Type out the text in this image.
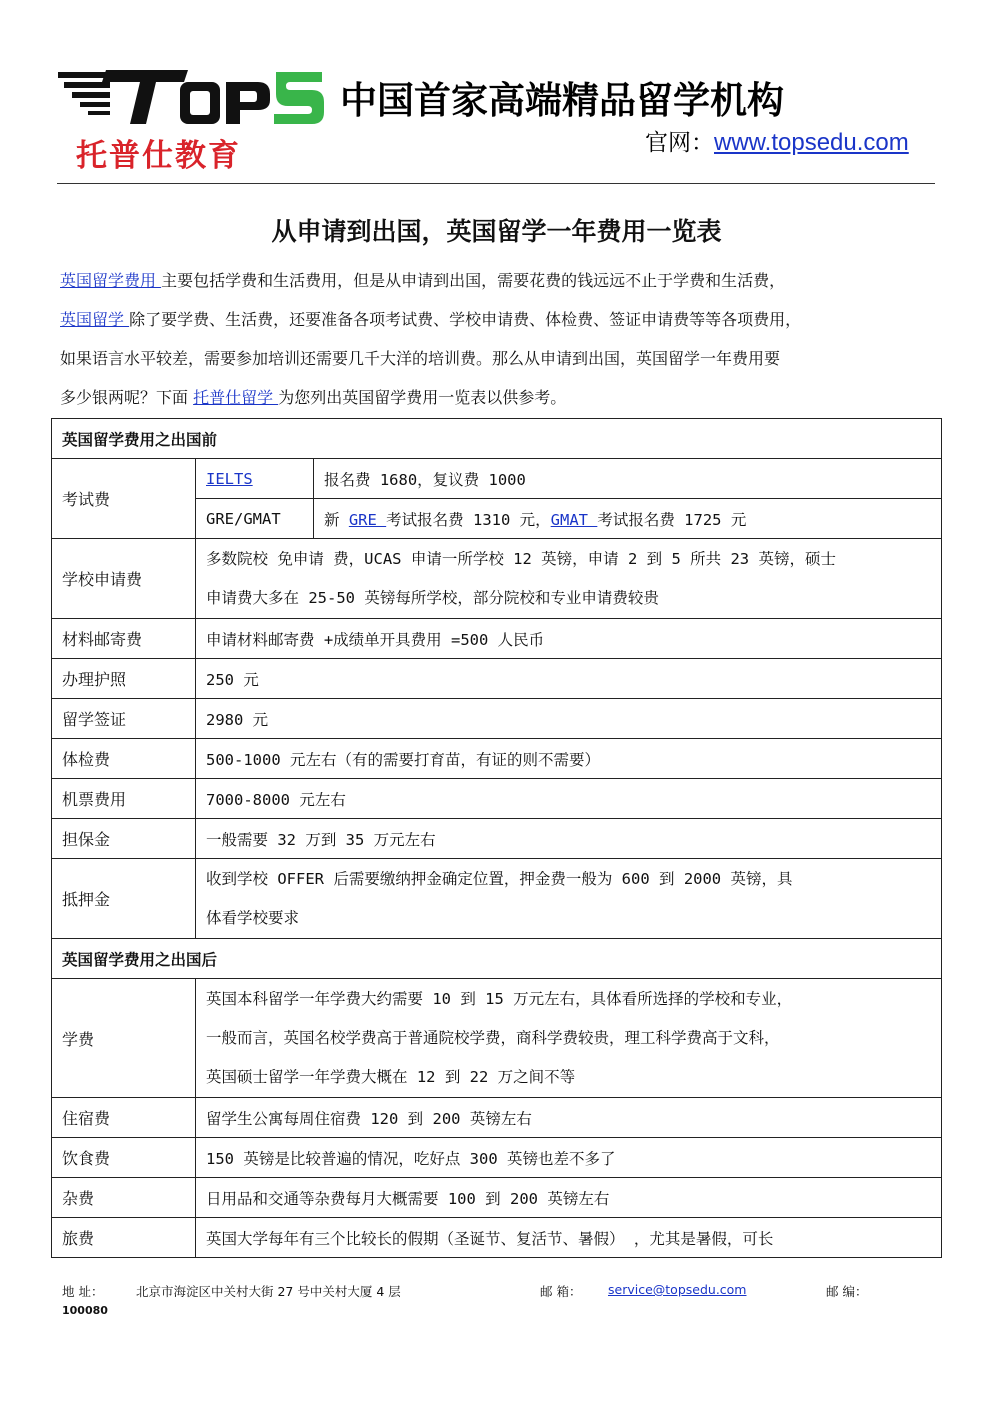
托普仕教育

中国首家高端精品留学机构
官网：www.topsedu.com
从申请到出国，英国留学一年费用一览表

英国留学费用 主要包括学费和生活费用，但是从申请到出国，需要花费的钱远远不止于学费和生活费，

英国留学 除了要学费、生活费，还要准备各项考试费、学校申请费、体检费、签证申请费等等各项费用，

如果语言水平较差，需要参加培训还需要几千大洋的培训费。那么从申请到出国，英国留学一年费用要

多少银两呢？下面 托普仕留学 为您列出英国留学费用一览表以供参考。

英国留学费用之出国前		
考试费	IELTS	报名费 1680，复议费 1000
	GRE/GMAT	新 GRE 考试报名费 1310 元，GMAT 考试报名费 1725 元
学校申请费	多数院校 免申请 费，UCAS 申请一所学校 12 英镑，申请 2 到 5 所共 23 英镑，硕士
申请费大多在 25-50 英镑每所学校，部分院校和专业申请费较贵	

材料邮寄费	申请材料邮寄费 +成绩单开具费用 =500 人民币	
办理护照	250 元	
留学签证	2980 元	
体检费	500-1000 元左右（有的需要打育苗，有证的则不需要）	
机票费用	7000-8000 元左右	
担保金	一般需要 32 万到 35 万元左右	
抵押金	收到学校 OFFER 后需要缴纳押金确定位置，押金费一般为 600 到 2000 英镑，具
体看学校要求	

英国留学费用之出国后		
学费	英国本科留学一年学费大约需要 10 到 15 万元左右，具体看所选择的学校和专业，
一般而言，英国名校学费高于普通院校学费，商科学费较贵，理工科学费高于文科，
英国硕士留学一年学费大概在 12 到 22 万之间不等	

住宿费	留学生公寓每周住宿费 120 到 200 英镑左右	
饮食费	150 英镑是比较普遍的情况，吃好点 300 英镑也差不多了	
杂费	日用品和交通等杂费每月大概需要 100 到 200 英镑左右	
旅费	英国大学每年有三个比较长的假期（圣诞节、复活节、暑假） ，尤其是暑假，可长	
地 址：	北京市海淀区中关村大街 27 号中关村大厦 4 层	邮 箱： service@topsedu.com	邮 编：
100080
